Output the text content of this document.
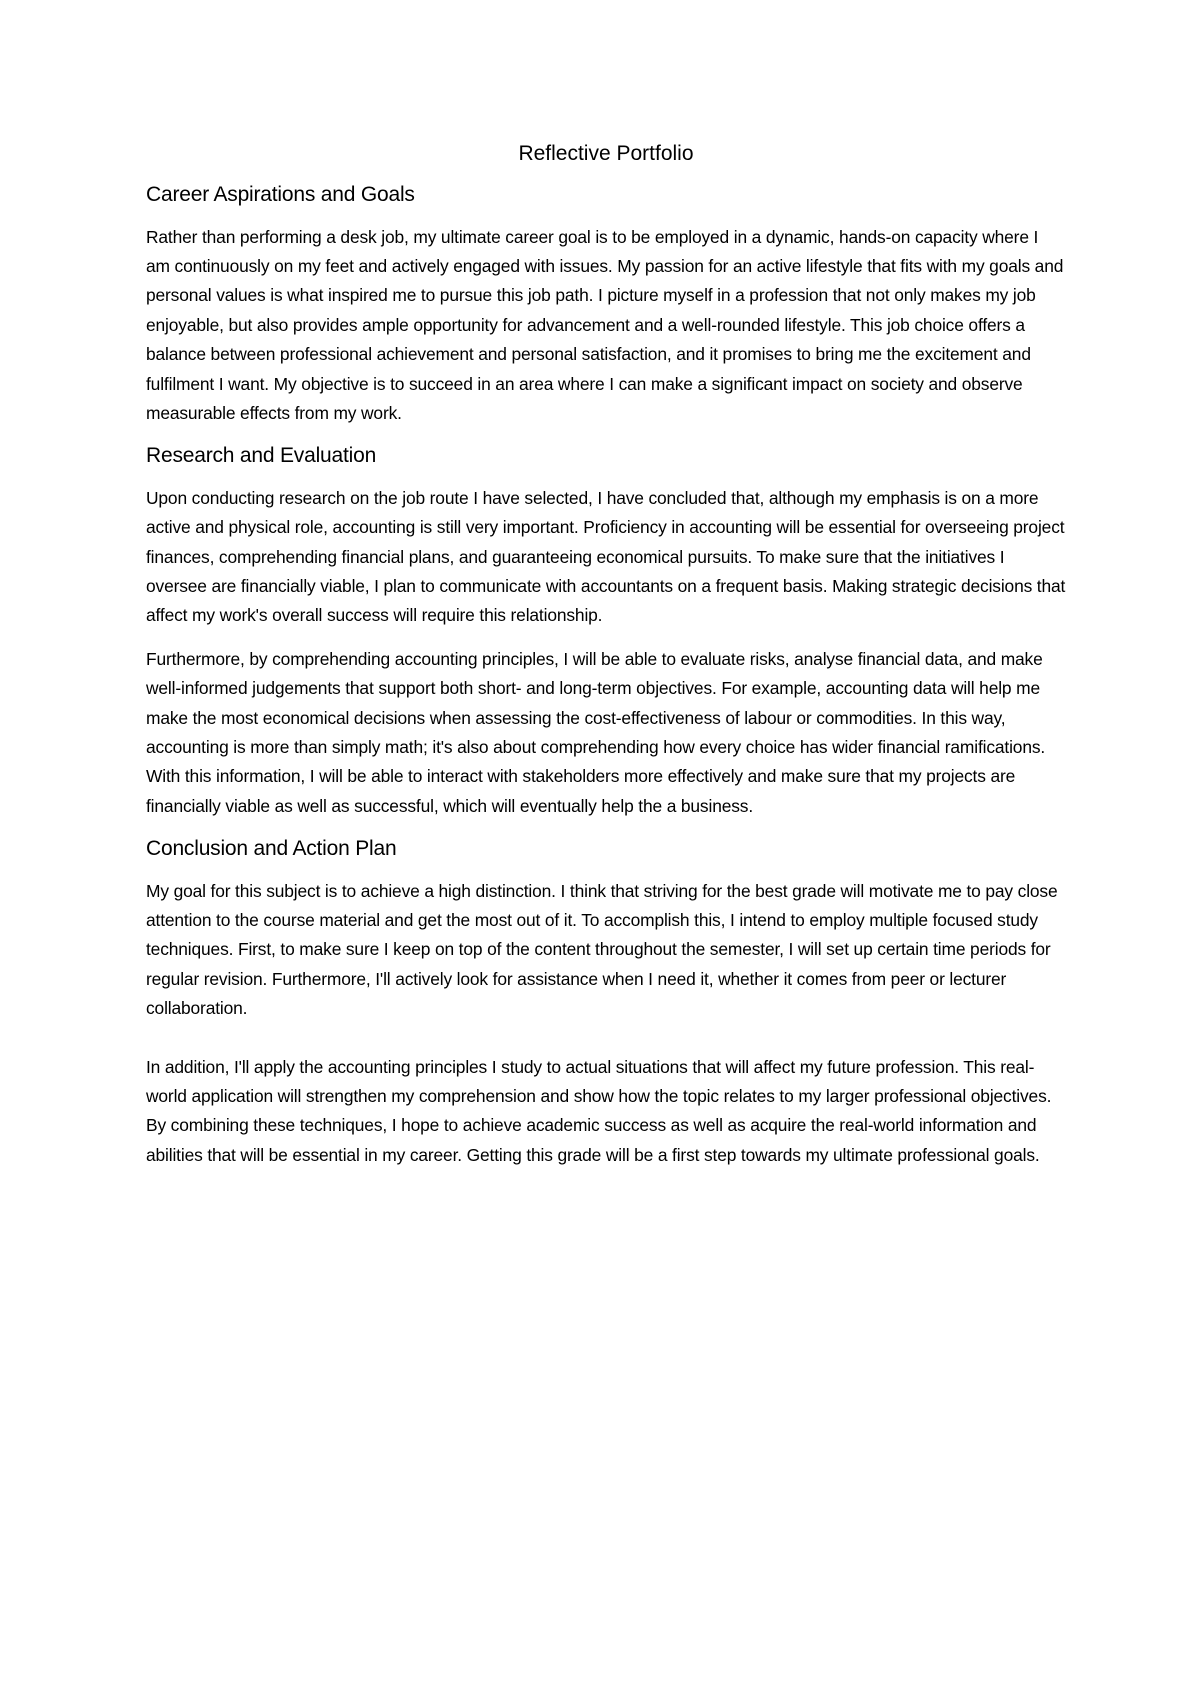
Reflective Portfolio
Career Aspirations and Goals

Rather than performing a desk job, my ultimate career goal is to be employed in a dynamic, hands-on capacity where I am continuously on my feet and actively engaged with issues. My passion for an active lifestyle that fits with my goals and personal values is what inspired me to pursue this job path. I picture myself in a profession that not only makes my job enjoyable, but also provides ample opportunity for advancement and a well-rounded lifestyle. This job choice offers a balance between professional achievement and personal satisfaction, and it promises to bring me the excitement and fulfilment I want. My objective is to succeed in an area where I can make a significant impact on society and observe measurable effects from my work.

Research and Evaluation

Upon conducting research on the job route I have selected, I have concluded that, although my emphasis is on a more active and physical role, accounting is still very important. Proficiency in accounting will be essential for overseeing project finances, comprehending financial plans, and guaranteeing economical pursuits. To make sure that the initiatives I oversee are financially viable, I plan to communicate with accountants on a frequent basis. Making strategic decisions that affect my work's overall success will require this relationship.

Furthermore, by comprehending accounting principles, I will be able to evaluate risks, analyse financial data, and make well-informed judgements that support both short- and long-term objectives. For example, accounting data will help me make the most economical decisions when assessing the cost-effectiveness of labour or commodities. In this way, accounting is more than simply math; it's also about comprehending how every choice has wider financial ramifications. With this information, I will be able to interact with stakeholders more effectively and make sure that my projects are financially viable as well as successful, which will eventually help the a business.

Conclusion and Action Plan

My goal for this subject is to achieve a high distinction. I think that striving for the best grade will motivate me to pay close attention to the course material and get the most out of it. To accomplish this, I intend to employ multiple focused study techniques. First, to make sure I keep on top of the content throughout the semester, I will set up certain time periods for regular revision. Furthermore, I'll actively look for assistance when I need it, whether it comes from peer or lecturer collaboration.

In addition, I'll apply the accounting principles I study to actual situations that will affect my future profession. This real-world application will strengthen my comprehension and show how the topic relates to my larger professional objectives. By combining these techniques, I hope to achieve academic success as well as acquire the real-world information and abilities that will be essential in my career. Getting this grade will be a first step towards my ultimate professional goals.
